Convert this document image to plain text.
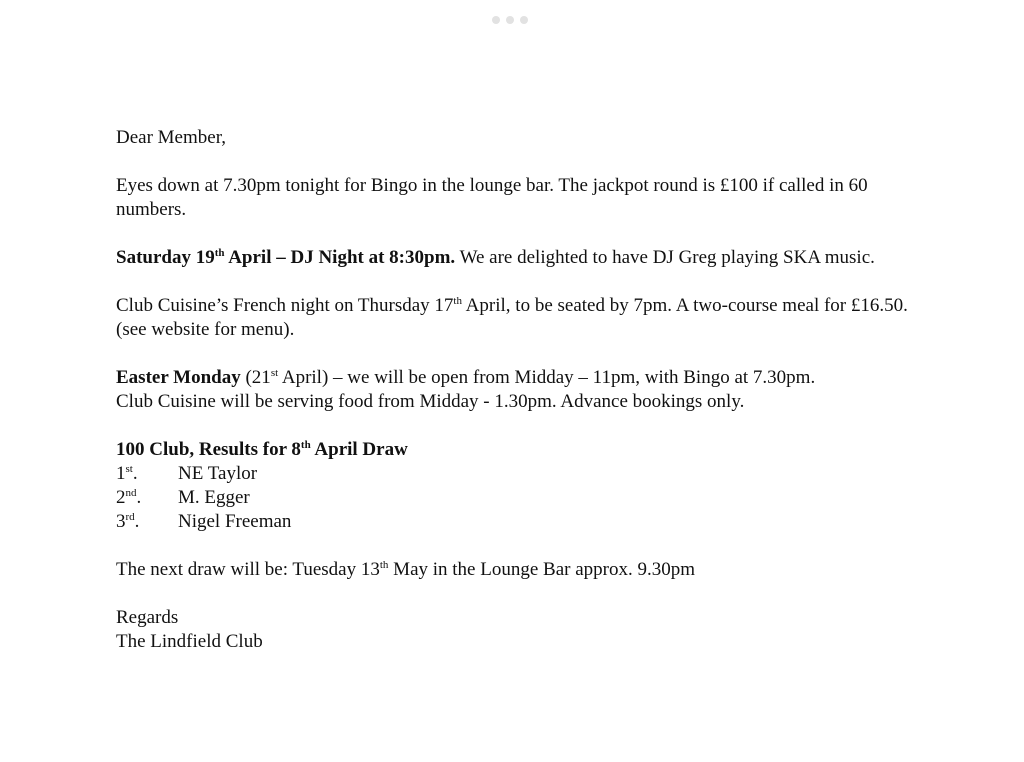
Dear Member,

Eyes down at 7.30pm tonight for Bingo in the lounge bar. The jackpot round is £100 if called in 60 numbers.

Saturday 19th April – DJ Night at 8:30pm. We are delighted to have DJ Greg playing SKA music.

Club Cuisine’s French night on Thursday 17th April, to be seated by 7pm. A two-course meal for £16.50. (see website for menu).

Easter Monday (21st April) – we will be open from Midday – 11pm, with Bingo at 7.30pm.

Club Cuisine will be serving food from Midday - 1.30pm. Advance bookings only.

100 Club, Results for 8th April Draw

1st.	NE Taylor
2nd.	M. Egger
3rd.	Nigel Freeman

The next draw will be: Tuesday 13th May in the Lounge Bar approx. 9.30pm

Regards

The Lindfield Club
